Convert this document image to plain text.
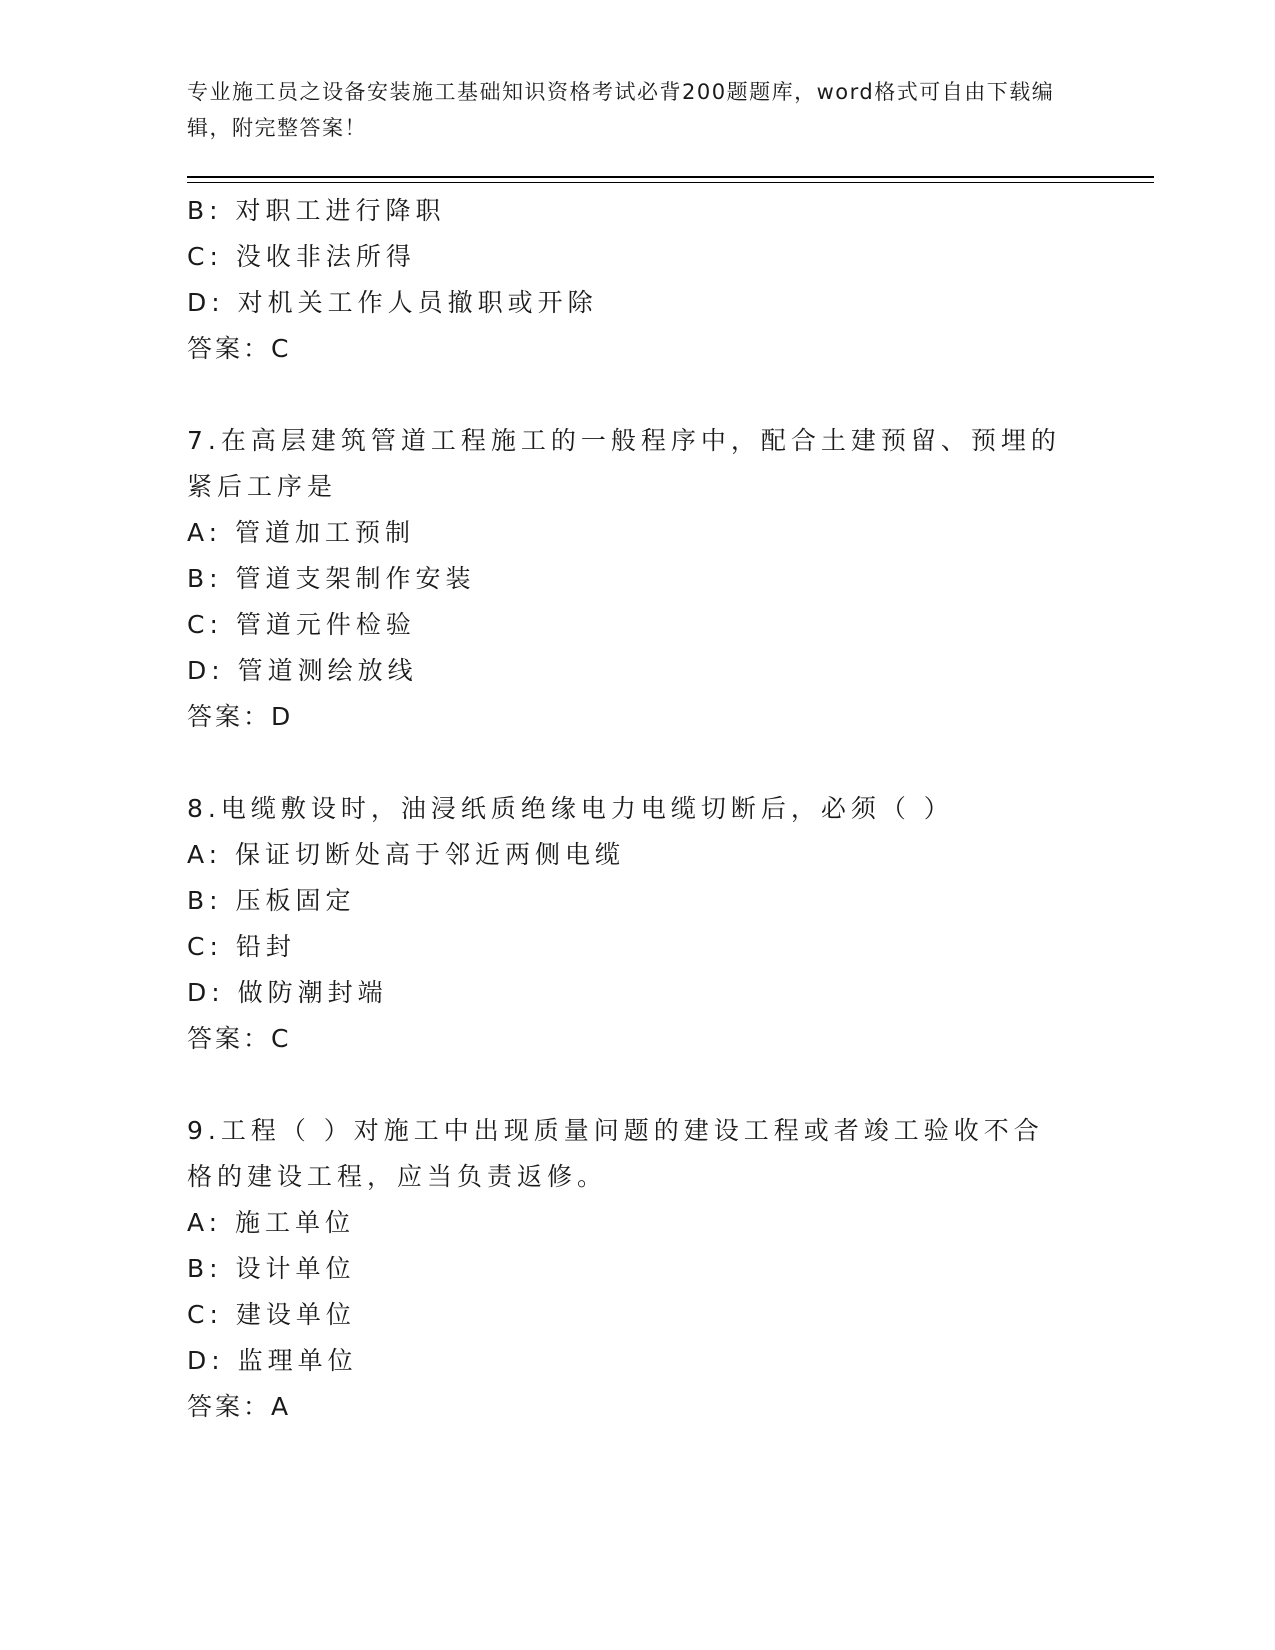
专业施工员之设备安装施工基础知识资格考试必背200题题库，word格式可自由下载编辑，附完整答案！
B: 对职工进行降职
C: 没收非法所得
D: 对机关工作人员撤职或开除
答案：C
7.在高层建筑管道工程施工的一般程序中，配合土建预留、预埋的紧后工序是
A: 管道加工预制
B: 管道支架制作安装
C: 管道元件检验
D: 管道测绘放线
答案：D
8.电缆敷设时，油浸纸质绝缘电力电缆切断后，必须（ ）
A: 保证切断处高于邻近两侧电缆
B: 压板固定
C: 铅封
D: 做防潮封端
答案：C
9.工程（ ）对施工中出现质量问题的建设工程或者竣工验收不合格的建设工程，应当负责返修。
A: 施工单位
B: 设计单位
C: 建设单位
D: 监理单位
答案：A
